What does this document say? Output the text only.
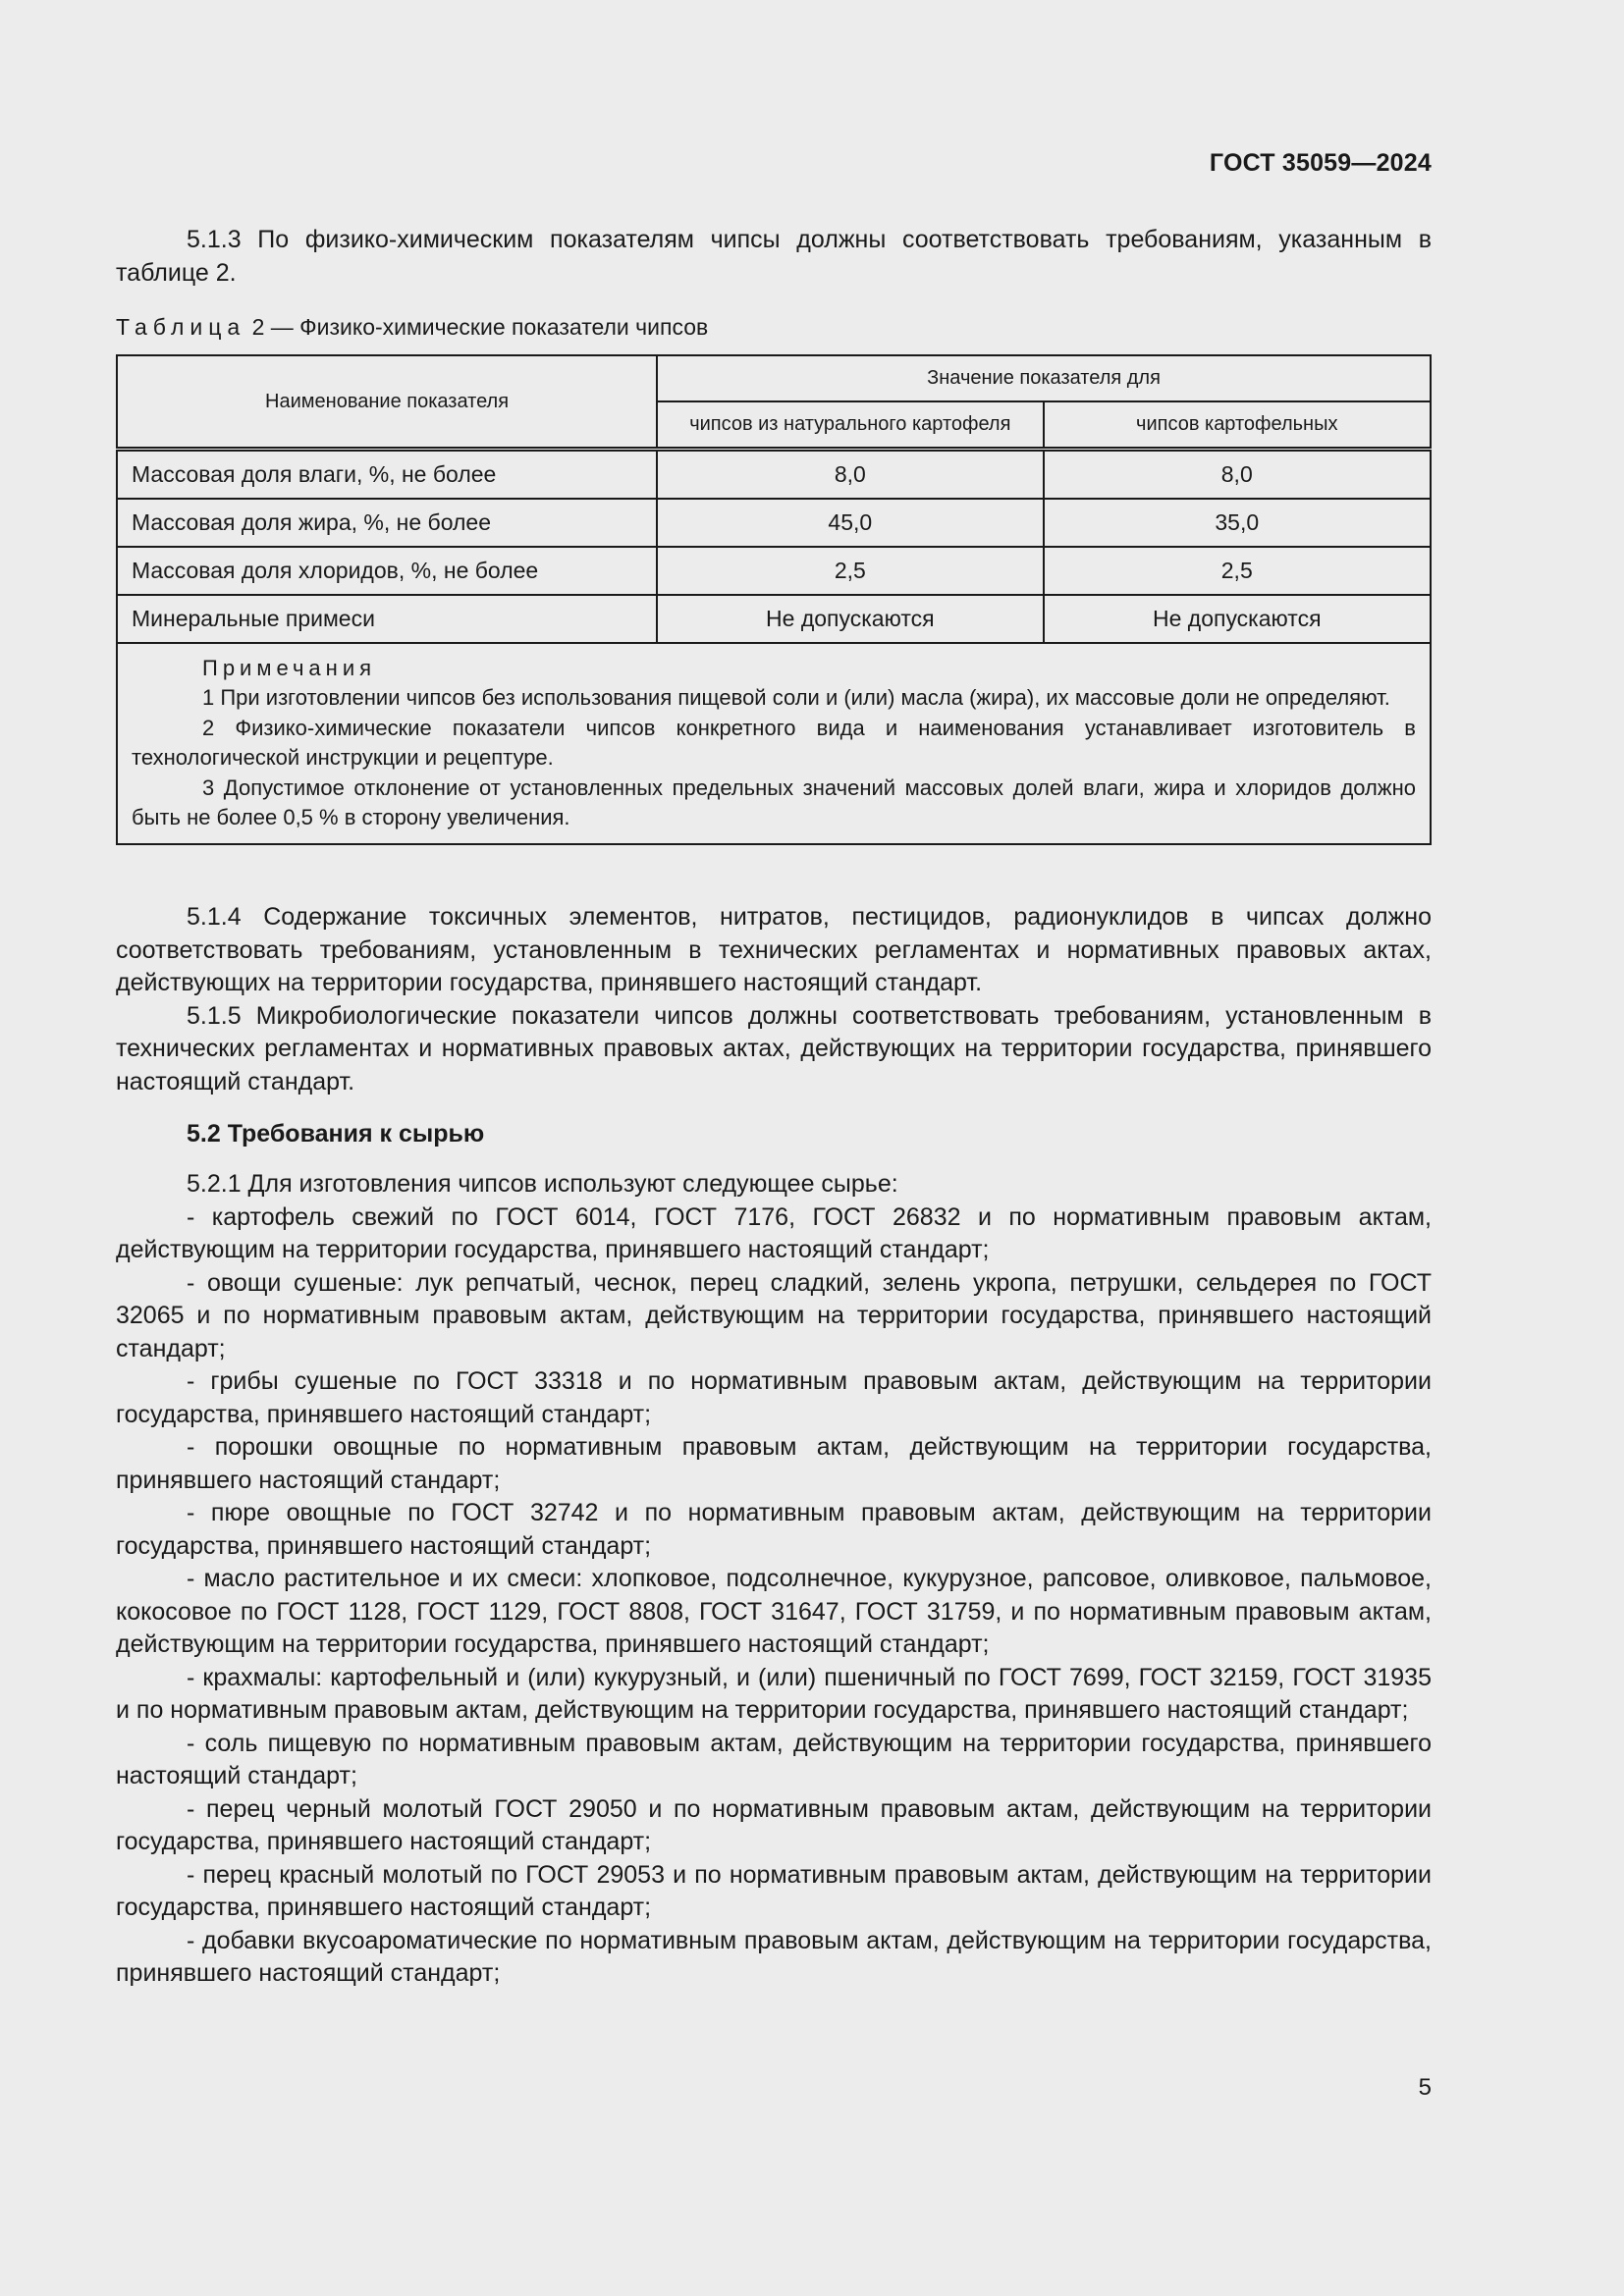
ГОСТ 35059—2024

5.1.3 По физико-химическим показателям чипсы должны соответствовать требованиям, указанным в таблице 2.

Таблица 2 — Физико-химические показатели чипсов
Наименование показателя	Значение показателя для	
	чипсов из натурального картофеля	чипсов картофельных
Массовая доля влаги, %, не более	8,0	8,0
Массовая доля жира, %, не более	45,0	35,0
Массовая доля хлоридов, %, не более	2,5	2,5
Минеральные примеси	Не допускаются	Не допускаются

Примечания

1 При изготовлении чипсов без использования пищевой соли и (или) масла (жира), их массовые доли не определяют.

2 Физико-химические показатели чипсов конкретного вида и наименования устанавливает изготовитель в технологической инструкции и рецептуре.

3 Допустимое отклонение от установленных предельных значений массовых долей влаги, жира и хлоридов должно быть не более 0,5 % в сторону увеличения.		

5.1.4 Содержание токсичных элементов, нитратов, пестицидов, радионуклидов в чипсах должно соответствовать требованиям, установленным в технических регламентах и нормативных правовых актах, действующих на территории государства, принявшего настоящий стандарт.

5.1.5 Микробиологические показатели чипсов должны соответствовать требованиям, установленным в технических регламентах и нормативных правовых актах, действующих на территории государства, принявшего настоящий стандарт.

5.2 Требования к сырью

5.2.1 Для изготовления чипсов используют следующее сырье:

- картофель свежий по ГОСТ 6014, ГОСТ 7176, ГОСТ 26832 и по нормативным правовым актам, действующим на территории государства, принявшего настоящий стандарт;

- овощи сушеные: лук репчатый, чеснок, перец сладкий, зелень укропа, петрушки, сельдерея по ГОСТ 32065 и по нормативным правовым актам, действующим на территории государства, принявшего настоящий стандарт;

- грибы сушеные по ГОСТ 33318 и по нормативным правовым актам, действующим на территории государства, принявшего настоящий стандарт;

- порошки овощные по нормативным правовым актам, действующим на территории государства, принявшего настоящий стандарт;

- пюре овощные по ГОСТ 32742 и по нормативным правовым актам, действующим на территории государства, принявшего настоящий стандарт;

- масло растительное и их смеси: хлопковое, подсолнечное, кукурузное, рапсовое, оливковое, пальмовое, кокосовое по ГОСТ 1128, ГОСТ 1129, ГОСТ 8808, ГОСТ 31647, ГОСТ 31759, и по нормативным правовым актам, действующим на территории государства, принявшего настоящий стандарт;

- крахмалы: картофельный и (или) кукурузный, и (или) пшеничный по ГОСТ 7699, ГОСТ 32159, ГОСТ 31935 и по нормативным правовым актам, действующим на территории государства, принявшего настоящий стандарт;

- соль пищевую по нормативным правовым актам, действующим на территории государства, принявшего настоящий стандарт;

- перец черный молотый ГОСТ 29050 и по нормативным правовым актам, действующим на территории государства, принявшего настоящий стандарт;

- перец красный молотый по ГОСТ 29053 и по нормативным правовым актам, действующим на территории государства, принявшего настоящий стандарт;

- добавки вкусоароматические по нормативным правовым актам, действующим на территории государства, принявшего настоящий стандарт;

5
